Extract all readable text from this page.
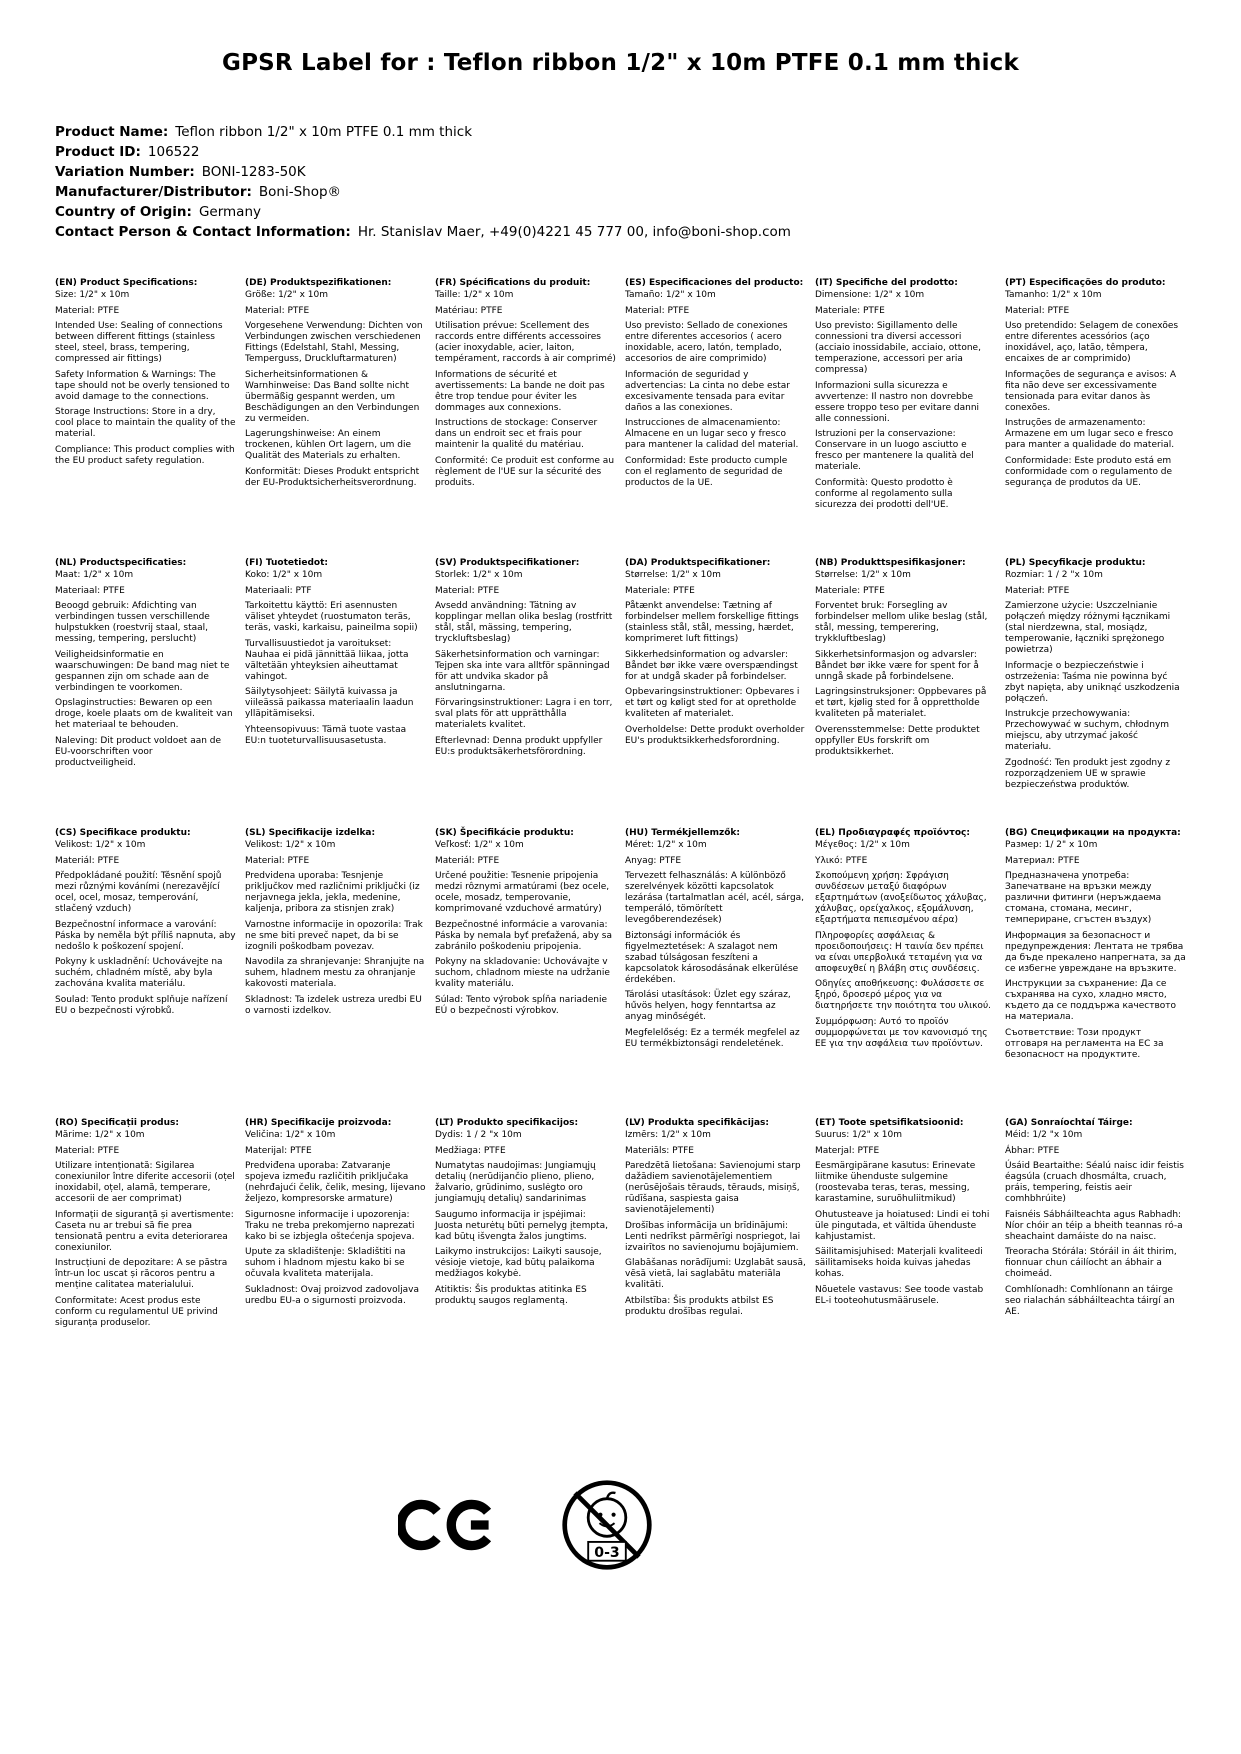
GPSR Label for : Teflon ribbon 1/2" x 10m PTFE 0.1 mm thick
Product Name: Teflon ribbon 1/2" x 10m PTFE 0.1 mm thick
Product ID: 106522
Variation Number: BONI-1283-50K
Manufacturer/Distributor: Boni-Shop®
Country of Origin: Germany
Contact Person & Contact Information: Hr. Stanislav Maer, +49(0)4221 45 777 00, info@boni-shop.com
(EN) Product Specifications:

Size: 1/2" x 10m

Material: PTFE

Intended Use: Sealing of connections between different fittings (stainless steel, steel, brass, tempering, compressed air fittings)

Safety Information & Warnings: The tape should not be overly tensioned to avoid damage to the connections.

Storage Instructions: Store in a dry, cool place to maintain the quality of the material.

Compliance: This product complies with the EU product safety regulation.

(DE) Produktspezifikationen:

Größe: 1/2" x 10m

Material: PTFE

Vorgesehene Verwendung: Dichten von Verbindungen zwischen verschiedenen Fittings (Edelstahl, Stahl, Messing, Temperguss, Druckluftarmaturen)

Sicherheitsinformationen & Warnhinweise: Das Band sollte nicht übermäßig gespannt werden, um Beschädigungen an den Verbindungen zu vermeiden.

Lagerungshinweise: An einem trockenen, kühlen Ort lagern, um die Qualität des Materials zu erhalten.

Konformität: Dieses Produkt entspricht der EU-Produktsicherheitsverordnung.

(FR) Spécifications du produit:

Taille: 1/2" x 10m

Matériau: PTFE

Utilisation prévue: Scellement des raccords entre différents accessoires (acier inoxydable, acier, laiton, tempérament, raccords à air comprimé)

Informations de sécurité et avertissements: La bande ne doit pas être trop tendue pour éviter les dommages aux connexions.

Instructions de stockage: Conserver dans un endroit sec et frais pour maintenir la qualité du matériau.

Conformité: Ce produit est conforme au règlement de l'UE sur la sécurité des produits.

(ES) Especificaciones del producto:

Tamaño: 1/2" x 10m

Material: PTFE

Uso previsto: Sellado de conexiones entre diferentes accesorios ( acero inoxidable, acero, latón, templado, accesorios de aire comprimido)

Información de seguridad y advertencias: La cinta no debe estar excesivamente tensada para evitar daños a las conexiones.

Instrucciones de almacenamiento: Almacene en un lugar seco y fresco para mantener la calidad del material.

Conformidad: Este producto cumple con el reglamento de seguridad de productos de la UE.

(IT) Specifiche del prodotto:

Dimensione: 1/2" x 10m

Materiale: PTFE

Uso previsto: Sigillamento delle connessioni tra diversi accessori (acciaio inossidabile, acciaio, ottone, temperazione, accessori per aria compressa)

Informazioni sulla sicurezza e avvertenze: Il nastro non dovrebbe essere troppo teso per evitare danni alle connessioni.

Istruzioni per la conservazione: Conservare in un luogo asciutto e fresco per mantenere la qualità del materiale.

Conformità: Questo prodotto è conforme al regolamento sulla sicurezza dei prodotti dell'UE.

(PT) Especificações do produto:

Tamanho: 1/2" x 10m

Material: PTFE

Uso pretendido: Selagem de conexões entre diferentes acessórios (aço inoxidável, aço, latão, têmpera, encaixes de ar comprimido)

Informações de segurança e avisos: A fita não deve ser excessivamente tensionada para evitar danos às conexões.

Instruções de armazenamento: Armazene em um lugar seco e fresco para manter a qualidade do material.

Conformidade: Este produto está em conformidade com o regulamento de segurança de produtos da UE.

(NL) Productspecificaties:

Maat: 1/2" x 10m

Materiaal: PTFE

Beoogd gebruik: Afdichting van verbindingen tussen verschillende hulpstukken (roestvrij staal, staal, messing, tempering, perslucht)

Veiligheidsinformatie en waarschuwingen: De band mag niet te gespannen zijn om schade aan de verbindingen te voorkomen.

Opslaginstructies: Bewaren op een droge, koele plaats om de kwaliteit van het materiaal te behouden.

Naleving: Dit product voldoet aan de EU-voorschriften voor productveiligheid.

(FI) Tuotetiedot:

Koko: 1/2" x 10m

Materiaali: PTF

Tarkoitettu käyttö: Eri asennusten väliset yhteydet (ruostumaton teräs, teräs, vaski, karkaisu, paineilma sopii)

Turvallisuustiedot ja varoitukset: Nauhaa ei pidä jännittää liikaa, jotta vältetään yhteyksien aiheuttamat vahingot.

Säilytysohjeet: Säilytä kuivassa ja viileässä paikassa materiaalin laadun ylläpitämiseksi.

Yhteensopivuus: Tämä tuote vastaa EU:n tuoteturvallisuusasetusta.

(SV) Produktspecifikationer:

Storlek: 1/2" x 10m

Material: PTFE

Avsedd användning: Tätning av kopplingar mellan olika beslag (rostfritt stål, stål, mässing, tempering, tryckluftsbeslag)

Säkerhetsinformation och varningar: Tejpen ska inte vara alltför spänningad för att undvika skador på anslutningarna.

Förvaringsinstruktioner: Lagra i en torr, sval plats för att upprätthålla materialets kvalitet.

Efterlevnad: Denna produkt uppfyller EU:s produktsäkerhetsförordning.

(DA) Produktspecifikationer:

Størrelse: 1/2" x 10m

Materiale: PTFE

Påtænkt anvendelse: Tætning af forbindelser mellem forskellige fittings (stainless stål, stål, messing, hærdet, komprimeret luft fittings)

Sikkerhedsinformation og advarsler: Båndet bør ikke være overspændingst for at undgå skader på forbindelser.

Opbevaringsinstruktioner: Opbevares i et tørt og køligt sted for at opretholde kvaliteten af materialet.

Overholdelse: Dette produkt overholder EU's produktsikkerhedsforordning.

(NB) Produkttspesifikasjoner:

Størrelse: 1/2" x 10m

Materiale: PTFE

Forventet bruk: Forsegling av forbindelser mellom ulike beslag (stål, stål, messing, temperering, trykkluftbeslag)

Sikkerhetsinformasjon og advarsler: Båndet bør ikke være for spent for å unngå skade på forbindelsene.

Lagringsinstruksjoner: Oppbevares på et tørt, kjølig sted for å opprettholde kvaliteten på materialet.

Overensstemmelse: Dette produktet oppfyller EUs forskrift om produktsikkerhet.

(PL) Specyfikacje produktu:

Rozmiar: 1 / 2 "x 10m

Materiał: PTFE

Zamierzone użycie: Uszczelnianie połączeń między różnymi łącznikami (stal nierdzewna, stal, mosiądz, temperowanie, łączniki sprężonego powietrza)

Informacje o bezpieczeństwie i ostrzeżenia: Taśma nie powinna być zbyt napięta, aby uniknąć uszkodzenia połączeń.

Instrukcje przechowywania: Przechowywać w suchym, chłodnym miejscu, aby utrzymać jakość materiału.

Zgodność: Ten produkt jest zgodny z rozporządzeniem UE w sprawie bezpieczeństwa produktów.

(CS) Specifikace produktu:

Velikost: 1/2" x 10m

Materiál: PTFE

Předpokládané použití: Těsnění spojů mezi různými kováními (nerezavějící ocel, ocel, mosaz, temperování, stlačený vzduch)

Bezpečnostní informace a varování: Páska by neměla být příliš napnuta, aby nedošlo k poškození spojení.

Pokyny k uskladnění: Uchovávejte na suchém, chladném místě, aby byla zachována kvalita materiálu.

Soulad: Tento produkt splňuje nařízení EU o bezpečnosti výrobků.

(SL) Specifikacije izdelka:

Velikost: 1/2" x 10m

Material: PTFE

Predvidena uporaba: Tesnjenje priključkov med različnimi priključki (iz nerjavnega jekla, jekla, medenine, kaljenja, pribora za stisnjen zrak)

Varnostne informacije in opozorila: Trak ne sme biti preveč napet, da bi se izognili poškodbam povezav.

Navodila za shranjevanje: Shranjujte na suhem, hladnem mestu za ohranjanje kakovosti materiala.

Skladnost: Ta izdelek ustreza uredbi EU o varnosti izdelkov.

(SK) Špecifikácie produktu:

Veľkosť: 1/2" x 10m

Materiál: PTFE

Určené použitie: Tesnenie pripojenia medzi rôznymi armatúrami (bez ocele, ocele, mosadz, temperovanie, komprimované vzduchové armatúry)

Bezpečnostné informácie a varovania: Páska by nemala byť preťažená, aby sa zabránilo poškodeniu pripojenia.

Pokyny na skladovanie: Uchovávajte v suchom, chladnom mieste na udržanie kvality materiálu.

Súlad: Tento výrobok spĺňa nariadenie EÚ o bezpečnosti výrobkov.

(HU) Termékjellemzők:

Méret: 1/2" x 10m

Anyag: PTFE

Tervezett felhasználás: A különböző szerelvények közötti kapcsolatok lezárása (tartalmatlan acél, acél, sárga, temperáló, tömörített levegőberendezések)

Biztonsági információk és figyelmeztetések: A szalagot nem szabad túlságosan feszíteni a kapcsolatok károsodásának elkerülése érdekében.

Tárolási utasítások: Üzlet egy száraz, hűvös helyen, hogy fenntartsa az anyag minőségét.

Megfelelőség: Ez a termék megfelel az EU termékbiztonsági rendeletének.

(EL) Προδιαγραφές προϊόντος:

Μέγεθος: 1/2" x 10m

Υλικό: PTFE

Σκοπούμενη χρήση: Σφράγιση συνδέσεων μεταξύ διαφόρων εξαρτημάτων (ανοξείδωτος χάλυβας, χάλυβας, ορείχαλκος, εξομάλυνση, εξαρτήματα πεπιεσμένου αέρα)

Πληροφορίες ασφάλειας & προειδοποιήσεις: Η ταινία δεν πρέπει να είναι υπερβολικά τεταμένη για να αποφευχθεί η βλάβη στις συνδέσεις.

Οδηγίες αποθήκευσης: Φυλάσσετε σε ξηρό, δροσερό μέρος για να διατηρήσετε την ποιότητα του υλικού.

Συμμόρφωση: Αυτό το προϊόν συμμορφώνεται με τον κανονισμό της ΕΕ για την ασφάλεια των προϊόντων.

(BG) Спецификации на продукта:

Размер: 1/ 2" x 10m

Материал: PTFE

Предназначена употреба: Запечатване на връзки между различни фитинги (неръждаема стомана, стомана, месинг, темпериране, сгъстен въздух)

Информация за безопасност и предупреждения: Лентата не трябва да бъде прекалено напрегната, за да се избегне увреждане на връзките.

Инструкции за съхранение: Да се съхранява на сухо, хладно място, където да се поддържа качеството на материала.

Съответствие: Този продукт отговаря на регламента на ЕС за безопасност на продуктите.

(RO) Specificații produs:

Mărime: 1/2" x 10m

Material: PTFE

Utilizare intenționată: Sigilarea conexiunilor între diferite accesorii (oțel inoxidabil, oțel, alamă, temperare, accesorii de aer comprimat)

Informații de siguranță și avertismente: Caseta nu ar trebui să fie prea tensionată pentru a evita deteriorarea conexiunilor.

Instrucțiuni de depozitare: A se păstra într-un loc uscat și răcoros pentru a menține calitatea materialului.

Conformitate: Acest produs este conform cu regulamentul UE privind siguranța produselor.

(HR) Specifikacije proizvoda:

Veličina: 1/2" x 10m

Materijal: PTFE

Predviđena uporaba: Zatvaranje spojeva između različitih priključaka (nehrđajući čelik, čelik, mesing, lijevano željezo, kompresorske armature)

Sigurnosne informacije i upozorenja: Traku ne treba prekomjerno naprezati kako bi se izbjegla oštećenja spojeva.

Upute za skladištenje: Skladištiti na suhom i hladnom mjestu kako bi se očuvala kvaliteta materijala.

Sukladnost: Ovaj proizvod zadovoljava uredbu EU-a o sigurnosti proizvoda.

(LT) Produkto specifikacijos:

Dydis: 1 / 2 "x 10m

Medžiaga: PTFE

Numatytas naudojimas: Jungiamųjų detalių (nerūdijančio plieno, plieno, žalvario, grūdinimo, suslėgto oro jungiamųjų detalių) sandarinimas

Saugumo informacija ir įspėjimai: Juosta neturėtų būti pernelyg įtempta, kad būtų išvengta žalos jungtims.

Laikymo instrukcijos: Laikyti sausoje, vėsioje vietoje, kad būtų palaikoma medžiagos kokybė.

Atitiktis: Šis produktas atitinka ES produktų saugos reglamentą.

(LV) Produkta specifikācijas:

Izmērs: 1/2" x 10m

Materiāls: PTFE

Paredzētā lietošana: Savienojumi starp dažādiem savienotājelementiem (nerūsējošais tērauds, tērauds, misiņš, rūdīšana, saspiesta gaisa savienotājelementi)

Drošības informācija un brīdinājumi: Lenti nedrīkst pārmērīgi nospriegot, lai izvairītos no savienojumu bojājumiem.

Glabāšanas norādījumi: Uzglabāt sausā, vēsā vietā, lai saglabātu materiāla kvalitāti.

Atbilstība: Šis produkts atbilst ES produktu drošības regulai.

(ET) Toote spetsifikatsioonid:

Suurus: 1/2" x 10m

Materjal: PTFE

Eesmärgipärane kasutus: Erinevate liitmike ühenduste sulgemine (roostevaba teras, teras, messing, karastamine, suruõhuliitmikud)

Ohutusteave ja hoiatused: Lindi ei tohi üle pingutada, et vältida ühenduste kahjustamist.

Säilitamisjuhised: Materjali kvaliteedi säilitamiseks hoida kuivas jahedas kohas.

Nõuetele vastavus: See toode vastab EL-i tooteohutusmäärusele.

(GA) Sonraíochtaí Táirge:

Méid: 1/2 "x 10m

Ábhar: PTFE

Úsáid Beartaithe: Séalú naisc idir feistis éagsúla (cruach dhosmálta, cruach, práis, tempering, feistis aeir comhbhrúite)

Faisnéis Sábháilteachta agus Rabhadh: Níor chóir an téip a bheith teannas ró-a sheachaint damáiste do na naisc.

Treoracha Stórála: Stóráil in áit thirim, fionnuar chun cáilíocht an ábhair a choimeád.

Comhlíonadh: Comhlíonann an táirge seo rialachán sábháilteachta táirgí an AE.

0-3
